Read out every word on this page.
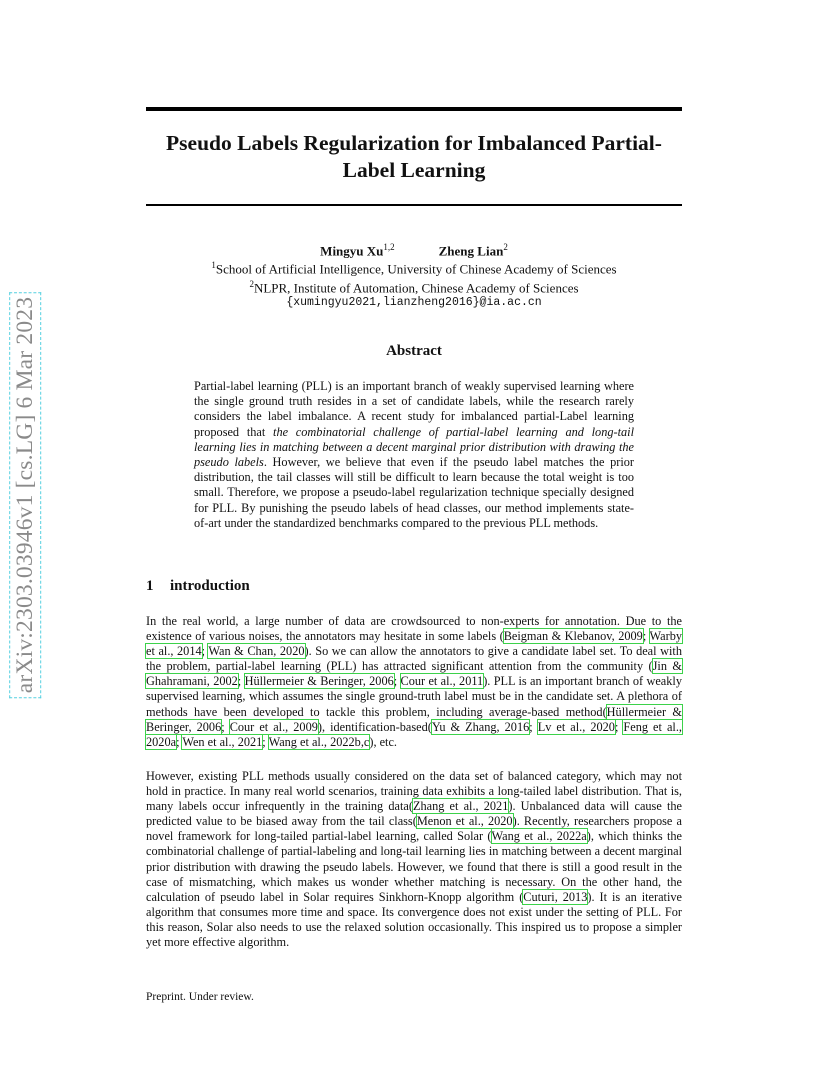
arXiv:2303.03946v1 [cs.LG] 6 Mar 2023
Pseudo Labels Regularization for Imbalanced Partial-Label Learning
Mingyu Xu$^{1,2}$	Zheng Lian$^2$
$^1$School of Artificial Intelligence, University of Chinese Academy of Sciences
$^2$NLPR, Institute of Automation, Chinese Academy of Sciences
{xumingyu2021,lianzheng2016}@ia.ac.cn
Abstract
Partial-label learning (PLL) is an important branch of weakly supervised learning where the single ground truth resides in a set of candidate labels, while the research rarely considers the label imbalance. A recent study for imbalanced partial-Label learning proposed that the combinatorial challenge of partial-label learning and long-tail learning lies in matching between a decent marginal prior distribution with drawing the pseudo labels. However, we believe that even if the pseudo label matches the prior distribution, the tail classes will still be difficult to learn because the total weight is too small. Therefore, we propose a pseudo-label regularization technique specially designed for PLL. By punishing the pseudo labels of head classes, our method implements state-of-art under the standardized benchmarks compared to the previous PLL methods.
1 introduction
In the real world, a large number of data are crowdsourced to non-experts for annotation. Due to the existence of various noises, the annotators may hesitate in some labels (Beigman & Klebanov, 2009; Warby et al., 2014; Wan & Chan, 2020). So we can allow the annotators to give a candidate label set. To deal with the problem, partial-label learning (PLL) has attracted significant attention from the community (Jin & Ghahramani, 2002; Hüllermeier & Beringer, 2006; Cour et al., 2011). PLL is an important branch of weakly supervised learning, which assumes the single ground-truth label must be in the candidate set. A plethora of methods have been developed to tackle this problem, including average-based method(Hüllermeier & Beringer, 2006; Cour et al., 2009), identification-based(Yu & Zhang, 2016; Lv et al., 2020; Feng et al., 2020a; Wen et al., 2021; Wang et al., 2022b,c), etc.
However, existing PLL methods usually considered on the data set of balanced category, which may not hold in practice. In many real world scenarios, training data exhibits a long-tailed label distribution. That is, many labels occur infrequently in the training data(Zhang et al., 2021). Unbalanced data will cause the predicted value to be biased away from the tail class(Menon et al., 2020). Recently, researchers propose a novel framework for long-tailed partial-label learning, called Solar (Wang et al., 2022a), which thinks the combinatorial challenge of partial-labeling and long-tail learning lies in matching between a decent marginal prior distribution with drawing the pseudo labels. However, we found that there is still a good result in the case of mismatching, which makes us wonder whether matching is necessary. On the other hand, the calculation of pseudo label in Solar requires Sinkhorn-Knopp algorithm (Cuturi, 2013). It is an iterative algorithm that consumes more time and space. Its convergence does not exist under the setting of PLL. For this reason, Solar also needs to use the relaxed solution occasionally. This inspired us to propose a simpler yet more effective algorithm.
Preprint. Under review.
